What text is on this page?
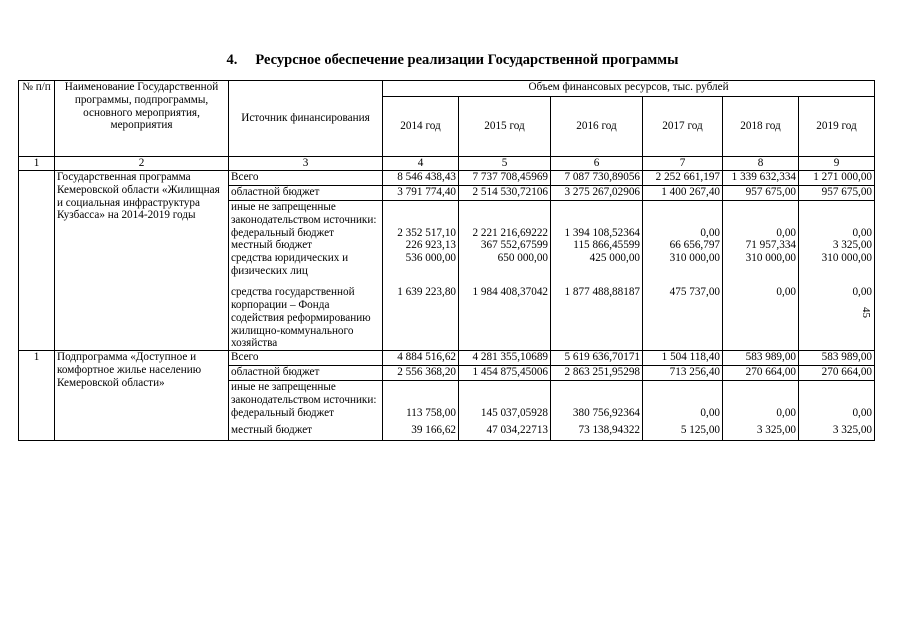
4. Ресурсное обеспечение реализации Государственной программы
45
№ п/п	Наименование Государственной программы, подпрограммы, основного мероприятия, мероприятия	Источник финансирования	Объем финансовых ресурсов, тыс. рублей					
			2014 год	2015 год	2016 год	2017 год	2018 год	2019 год
1	2	3	4	5	6	7	8	9
	Государственная программа Кемеровской области «Жилищная и социальная инфраструктура Кузбасса» на 2014-2019 годы	Всего	8 546 438,43	7 737 708,45969	7 087 730,89056	2 252 661,197	1 339 632,334	1 271 000,00
		областной бюджет	3 791 774,40	2 514 530,72106	3 275 267,02906	1 400 267,40	957 675,00	957 675,00
		иные не запрещенные законодательством источники:						
		федеральный бюджет	2 352 517,10	2 221 216,69222	1 394 108,52364	0,00	0,00	0,00
		местный бюджет	226 923,13	367 552,67599	115 866,45599	66 656,797	71 957,334	3 325,00
		средства юридических и физических лиц	536 000,00	650 000,00	425 000,00	310 000,00	310 000,00	310 000,00
		средства государственной корпорации – Фонда содействия реформированию жилищно-коммунального хозяйства	1 639 223,80	1 984 408,37042	1 877 488,88187	475 737,00	0,00	0,00
1	Подпрограмма «Доступное и комфортное жилье населению Кемеровской области»	Всего	4 884 516,62	4 281 355,10689	5 619 636,70171	1 504 118,40	583 989,00	583 989,00
		областной бюджет	2 556 368,20	1 454 875,45006	2 863 251,95298	713 256,40	270 664,00	270 664,00
		иные не запрещенные законодательством источники:						
		федеральный бюджет	113 758,00	145 037,05928	380 756,92364	0,00	0,00	0,00
		местный бюджет	39 166,62	47 034,22713	73 138,94322	5 125,00	3 325,00	3 325,00
